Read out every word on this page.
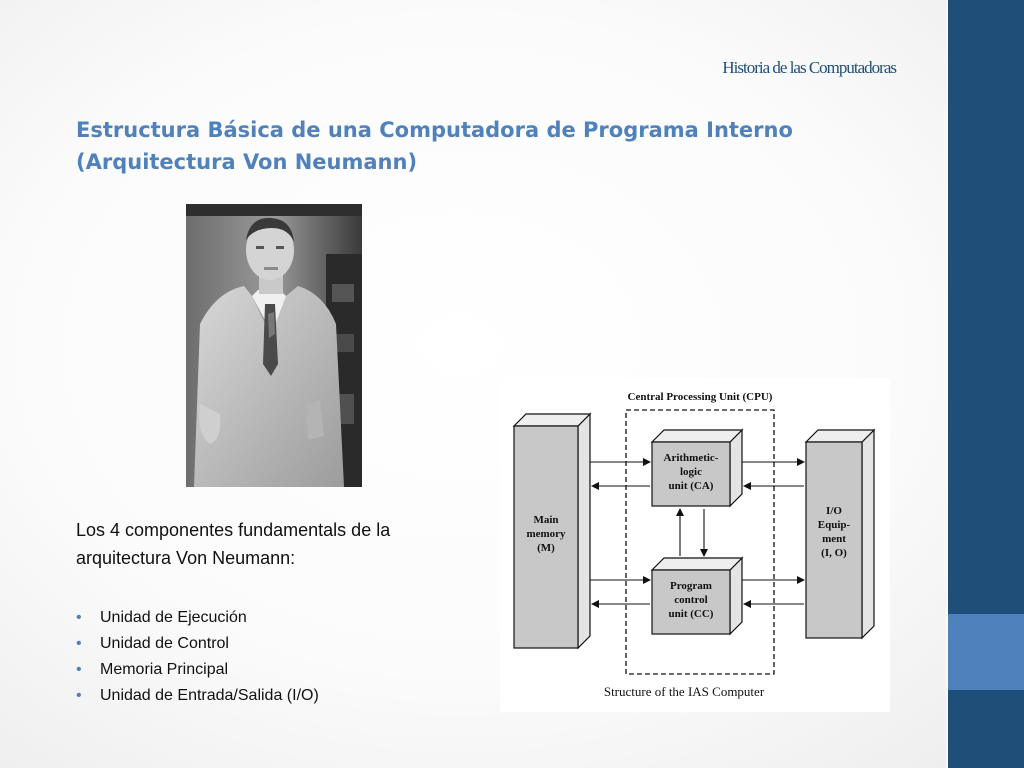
Historia de las Computadoras
Estructura Básica de una Computadora de Programa Interno
(Arquitectura Von Neumann)
Los 4 componentes fundamentals de la
arquitectura Von Neumann:
• Unidad de Ejecución
• Unidad de Control
• Memoria Principal
• Unidad de Entrada/Salida (I/O)
Central Processing Unit (CPU)
Main
memory
(M)
I/O
Equip-
ment
(I, O)
Arithmetic-
logic
unit (CA)
Program
control
unit (CC)
Structure of the IAS Computer
